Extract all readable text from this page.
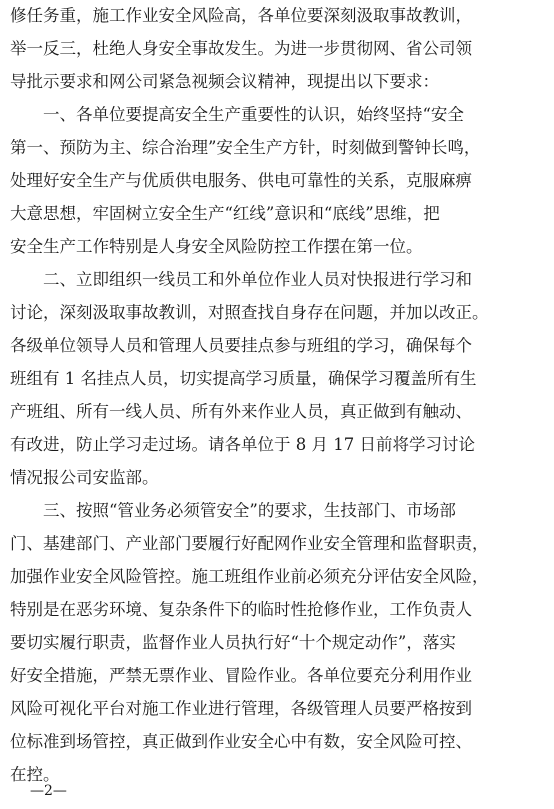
修任务重，施工作业安全风险高，各单位要深刻汲取事故教训，
举一反三，杜绝人身安全事故发生。为进一步贯彻网、省公司领
导批示要求和网公司紧急视频会议精神，现提出以下要求：
一、各单位要提高安全生产重要性的认识，始终坚持“安全
第一、预防为主、综合治理”安全生产方针，时刻做到警钟长鸣，
处理好安全生产与优质供电服务、供电可靠性的关系，克服麻痹
大意思想，牢固树立安全生产“红线”意识和“底线”思维，把
安全生产工作特别是人身安全风险防控工作摆在第一位。
二、立即组织一线员工和外单位作业人员对快报进行学习和
讨论，深刻汲取事故教训，对照查找自身存在问题，并加以改正。
各级单位领导人员和管理人员要挂点参与班组的学习，确保每个
班组有 1 名挂点人员，切实提高学习质量，确保学习覆盖所有生
产班组、所有一线人员、所有外来作业人员，真正做到有触动、
有改进，防止学习走过场。请各单位于 8 月 17 日前将学习讨论
情况报公司安监部。
三、按照“管业务必须管安全”的要求，生技部门、市场部
门、基建部门、产业部门要履行好配网作业安全管理和监督职责，
加强作业安全风险管控。施工班组作业前必须充分评估安全风险，
特别是在恶劣环境、复杂条件下的临时性抢修作业，工作负责人
要切实履行职责，监督作业人员执行好“十个规定动作”，落实
好安全措施，严禁无票作业、冒险作业。各单位要充分利用作业
风险可视化平台对施工作业进行管理，各级管理人员要严格按到
位标准到场管控，真正做到作业安全心中有数，安全风险可控、
在控。
—2—
